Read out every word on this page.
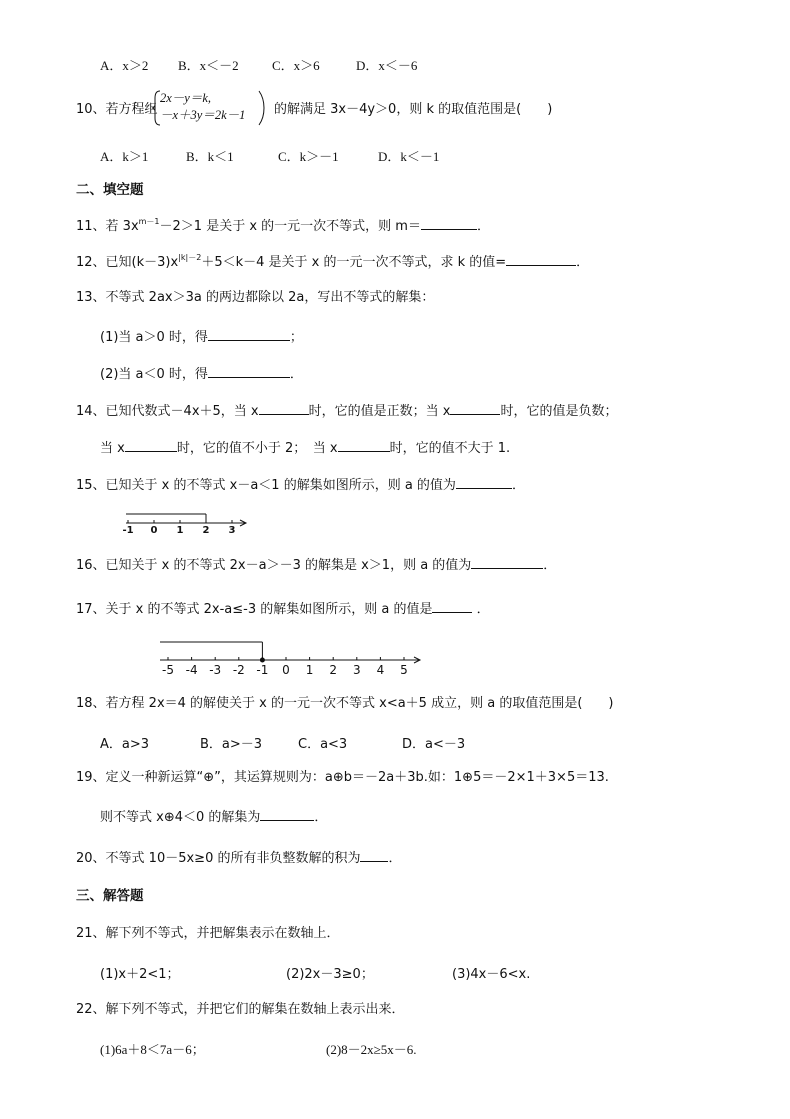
A．x＞2 B．x＜－2	C．x＞6	D．x＜－6
10、若方程组
2x－y＝k,
－x＋3y＝2k－1 的解满足 3x－4y＞0，则 k 的取值范围是(　　)
A．k＞1	B．k＜1	C．k＞－1	D．k＜－1
二、填空题
11、若 $3x^{m-1}-2>1$ 是关于 x 的一元一次不等式，则 m＝	．
12、已知$(k-3)x^{|k|-2}+5<k-4$ 是关于 x 的一元一次不等式，求 k 的值=	．
13、不等式 2ax＞3a 的两边都除以 2a，写出不等式的解集：
(1)当 a＞0 时，得	；
(2)当 a＜0 时，得	．
14、已知代数式－4x＋5，当 x	时，它的值是正数；当 x	时，它的值是负数；
当 x	时，它的值不小于 2；　当 x	时，它的值不大于 1.
15、已知关于 x 的不等式 x－a＜1 的解集如图所示，则 a 的值为	．
-1 0 1 2 3
16、已知关于 x 的不等式 2x－a＞－3 的解集是 x＞1，则 a 的值为	．
17、关于 x 的不等式 2x-a≤-3 的解集如图所示，则 a 的值是	．
-5 -4 -3 -2 -1 0 1 2 3 4 5
18、若方程 2x＝4 的解使关于 x 的一元一次不等式 x<a＋5 成立，则 a 的取值范围是(　　)
A．a>3	B．a>－3	C．a<3	D．a<－3
19、定义一种新运算“⊕”，其运算规则为：a⊕b＝－2a＋3b.如：1⊕5＝－2×1＋3×5＝13.
则不等式 x⊕4＜0 的解集为	．
20、不等式 10－5x≥0 的所有非负整数解的积为 ．
三、解答题
21、解下列不等式，并把解集表示在数轴上．
(1)x＋2<1；	(2)2x－3≥0；	(3)4x－6<x.
22、解下列不等式，并把它们的解集在数轴上表示出来．
(1)6a＋8＜7a－6；	(2)8－2x≥5x－6.
